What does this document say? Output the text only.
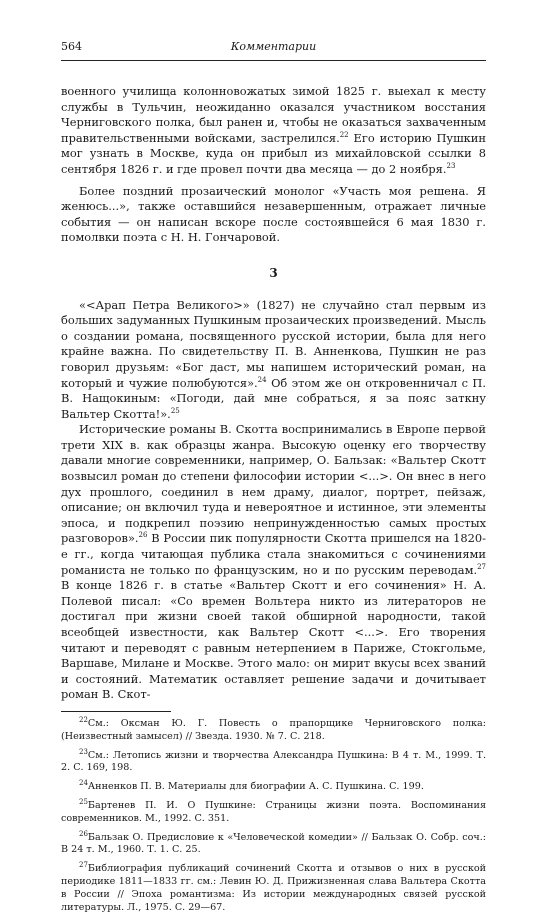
564	Комментарии

военного училища колонновожатых зимой 1825 г. выехал к месту службы в Тульчин, неожиданно оказался участником восстания Черниговского полка, был ранен и, чтобы не оказаться захваченным правительственными войсками, застрелился.$^{22}$ Его историю Пушкин мог узнать в Москве, куда он прибыл из михайловской ссылки 8 сентября 1826 г. и где провел почти два месяца — до 2 ноября.$^{23}$

Более поздний прозаический монолог «Участь моя решена. Я женюсь...», также оставшийся незавершенным, отражает личные события — он написан вскоре после состоявшейся 6 мая 1830 г. помолвки поэта с Н. Н. Гончаровой.

3

«<Арап Петра Великого>» (1827) не случайно стал первым из больших задуманных Пушкиным прозаических произведений. Мысль о создании романа, посвященного русской истории, была для него крайне важна. По свидетельству П. В. Анненкова, Пушкин не раз говорил друзьям: «Бог даст, мы напишем исторический роман, на который и чужие полюбуются».$^{24}$ Об этом же он откровенничал с П. В. Нащокиным: «Погоди, дай мне собраться, я за пояс заткну Вальтер Скотта!».$^{25}$

Исторические романы В. Скотта воспринимались в Европе первой трети XIX в. как образцы жанра. Высокую оценку его творчеству давали многие современники, например, О. Бальзак: «Вальтер Скотт возвысил роман до степени философии истории <...>. Он внес в него дух прошлого, соединил в нем драму, диалог, портрет, пейзаж, описание; он включил туда и невероятное и истинное, эти элементы эпоса, и подкрепил поэзию непринужденностью самых простых разговоров».$^{26}$ В России пик популярности Скотта пришелся на 1820-е гг., когда читающая публика стала знакомиться с сочинениями романиста не только по французским, но и по русским переводам.$^{27}$ В конце 1826 г. в статье «Вальтер Скотт и его сочинения» Н. А. Полевой писал: «Со времен Вольтера никто из литераторов не достигал при жизни своей такой обширной народности, такой всеобщей известности, как Вальтер Скотт <...>. Его творения читают и переводят с равным нетерпением в Париже, Стокгольме, Варшаве, Милане и Москве. Этого мало: он мирит вкусы всех званий и состояний. Математик оставляет решение задачи и дочитывает роман В. Скот-

$^{22}$См.: Оксман Ю. Г. Повесть о прапорщике Черниговского полка: (Неизвестный замысел) // Звезда. 1930. № 7. С. 218.

$^{23}$См.: Летопись жизни и творчества Александра Пушкина: В 4 т. М., 1999. Т. 2. С. 169, 198.

$^{24}$Анненков П. В. Материалы для биографии А. С. Пушкина. С. 199.

$^{25}$Бартенев П. И. О Пушкине: Страницы жизни поэта. Воспоминания современников. М., 1992. С. 351.

$^{26}$Бальзак О. Предисловие к «Человеческой комедии» // Бальзак О. Собр. соч.: В 24 т. М., 1960. Т. 1. С. 25.

$^{27}$Библиография публикаций сочинений Скотта и отзывов о них в русской периодике 1811—1833 гг. см.: Левин Ю. Д. Прижизненная слава Вальтера Скотта в России // Эпоха романтизма: Из истории международных связей русской литературы. Л., 1975. С. 29—67.
